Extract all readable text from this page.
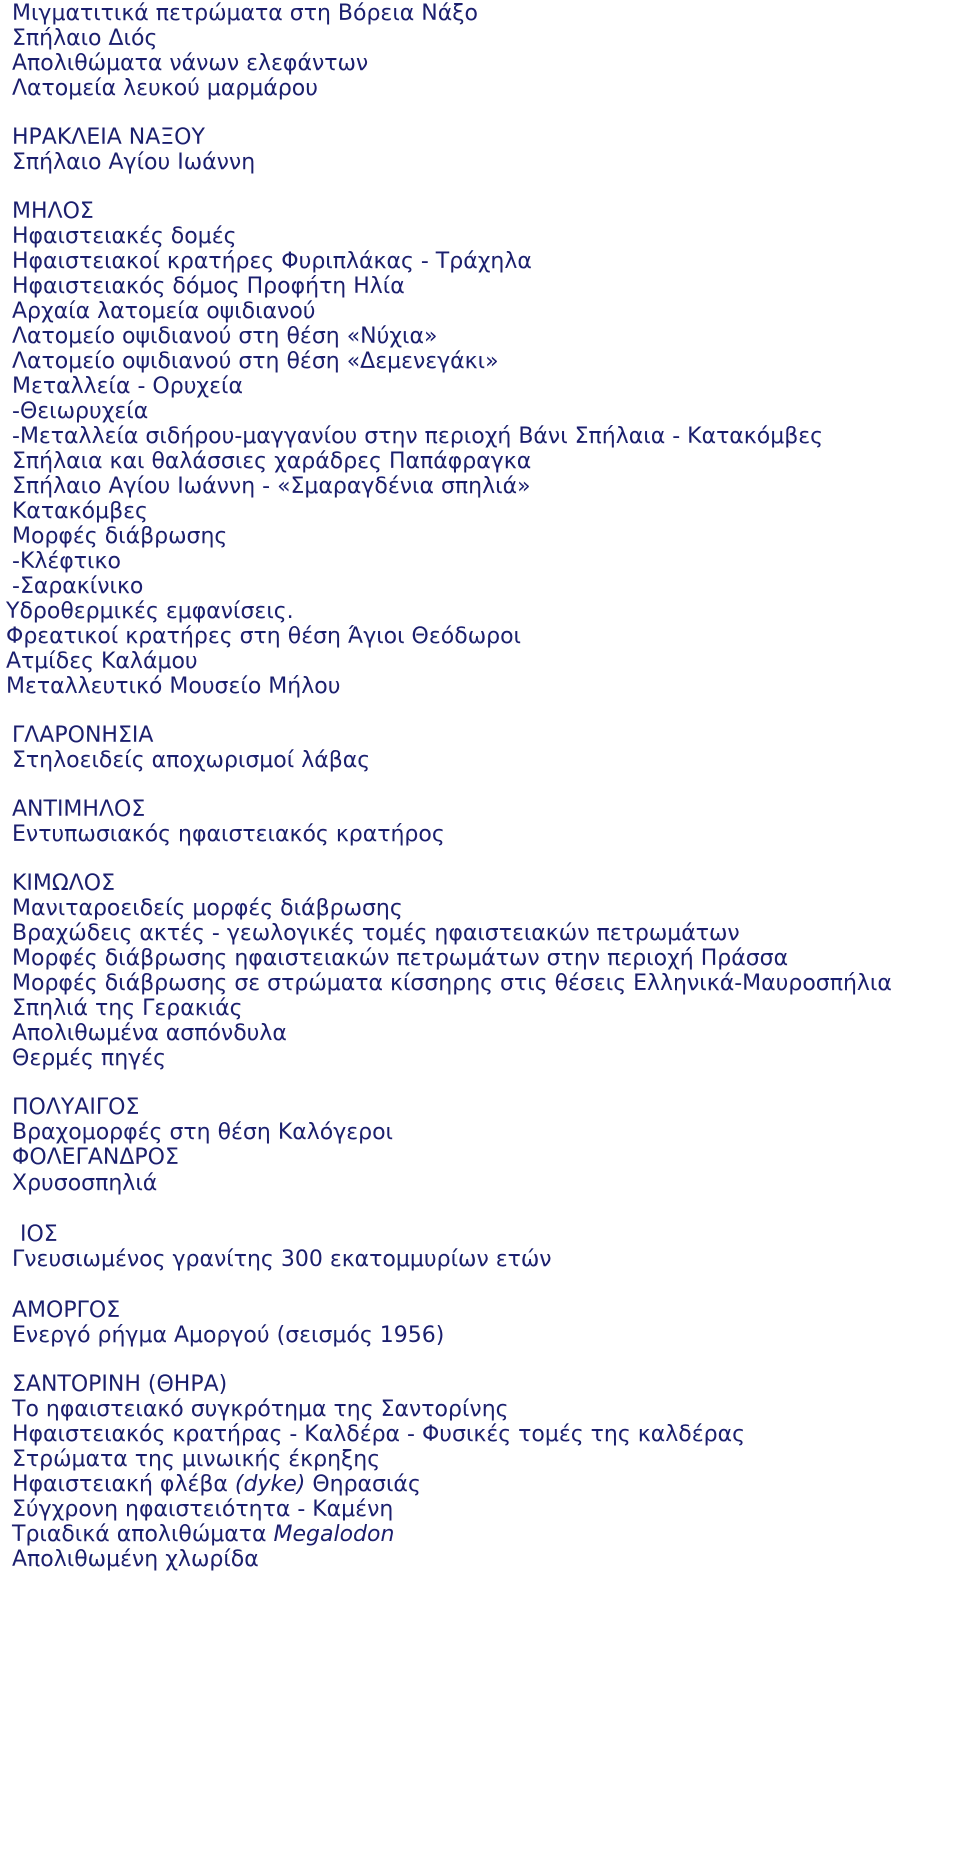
Μιγματιτικά πετρώματα στη Βόρεια Νάξο
Σπήλαιο Διός
Απολιθώματα νάνων ελεφάντων
Λατομεία λευκού μαρμάρου
ΗΡΑΚΛΕΙΑ ΝΑΞΟΥ
Σπήλαιο Αγίου Ιωάννη
ΜΗΛΟΣ
Ηφαιστειακές δομές
Ηφαιστειακοί κρατήρες Φυριπλάκας - Τράχηλα
Ηφαιστειακός δόμος Προφήτη Ηλία
Αρχαία λατομεία οψιδιανού
Λατομείο οψιδιανού στη θέση «Νύχια»
Λατομείο οψιδιανού στη θέση «Δεμενεγάκι»
Μεταλλεία - Ορυχεία
-Θειωρυχεία
-Μεταλλεία σιδήρου-μαγγανίου στην περιοχή Βάνι Σπήλαια - Κατακόμβες
Σπήλαια και θαλάσσιες χαράδρες Παπάφραγκα
Σπήλαιο Αγίου Ιωάννη - «Σμαραγδένια σπηλιά»
Κατακόμβες
Μορφές διάβρωσης
-Κλέφτικο
-Σαρακίνικο
Υδροθερμικές εμφανίσεις.
Φρεατικοί κρατήρες στη θέση Άγιοι Θεόδωροι
Ατμίδες Καλάμου
Μεταλλευτικό Μουσείο Μήλου
ΓΛΑΡΟΝΗΣΙΑ
Στηλοειδείς αποχωρισμοί λάβας
ΑΝΤΙΜΗΛΟΣ
Εντυπωσιακός ηφαιστειακός κρατήρος
ΚΙΜΩΛΟΣ
Μανιταροειδείς μορφές διάβρωσης
Βραχώδεις ακτές - γεωλογικές τομές ηφαιστειακών πετρωμάτων
Μορφές διάβρωσης ηφαιστειακών πετρωμάτων στην περιοχή Πράσσα
Μορφές διάβρωσης σε στρώματα κίσσηρης στις θέσεις Ελληνικά-Μαυροσπήλια
Σπηλιά της Γερακιάς
Απολιθωμένα ασπόνδυλα
Θερμές πηγές
ΠΟΛΥΑΙΓΟΣ
Βραχομορφές στη θέση Καλόγεροι
ΦΟΛΕΓΑΝΔΡΟΣ
Χρυσοσπηλιά
ΙΟΣ
Γνευσιωμένος γρανίτης 300 εκατομμυρίων ετών
ΑΜΟΡΓΟΣ
Ενεργό ρήγμα Αμοργού (σεισμός 1956)
ΣΑΝΤΟΡΙΝΗ (ΘΗΡΑ)
Το ηφαιστειακό συγκρότημα της Σαντορίνης
Ηφαιστειακός κρατήρας - Καλδέρα - Φυσικές τομές της καλδέρας
Στρώματα της μινωικής έκρηξης
Ηφαιστειακή φλέβα (dyke) Θηρασιάς
Σύγχρονη ηφαιστειότητα - Καμένη
Τριαδικά απολιθώματα Megalodon
Απολιθωμένη χλωρίδα
